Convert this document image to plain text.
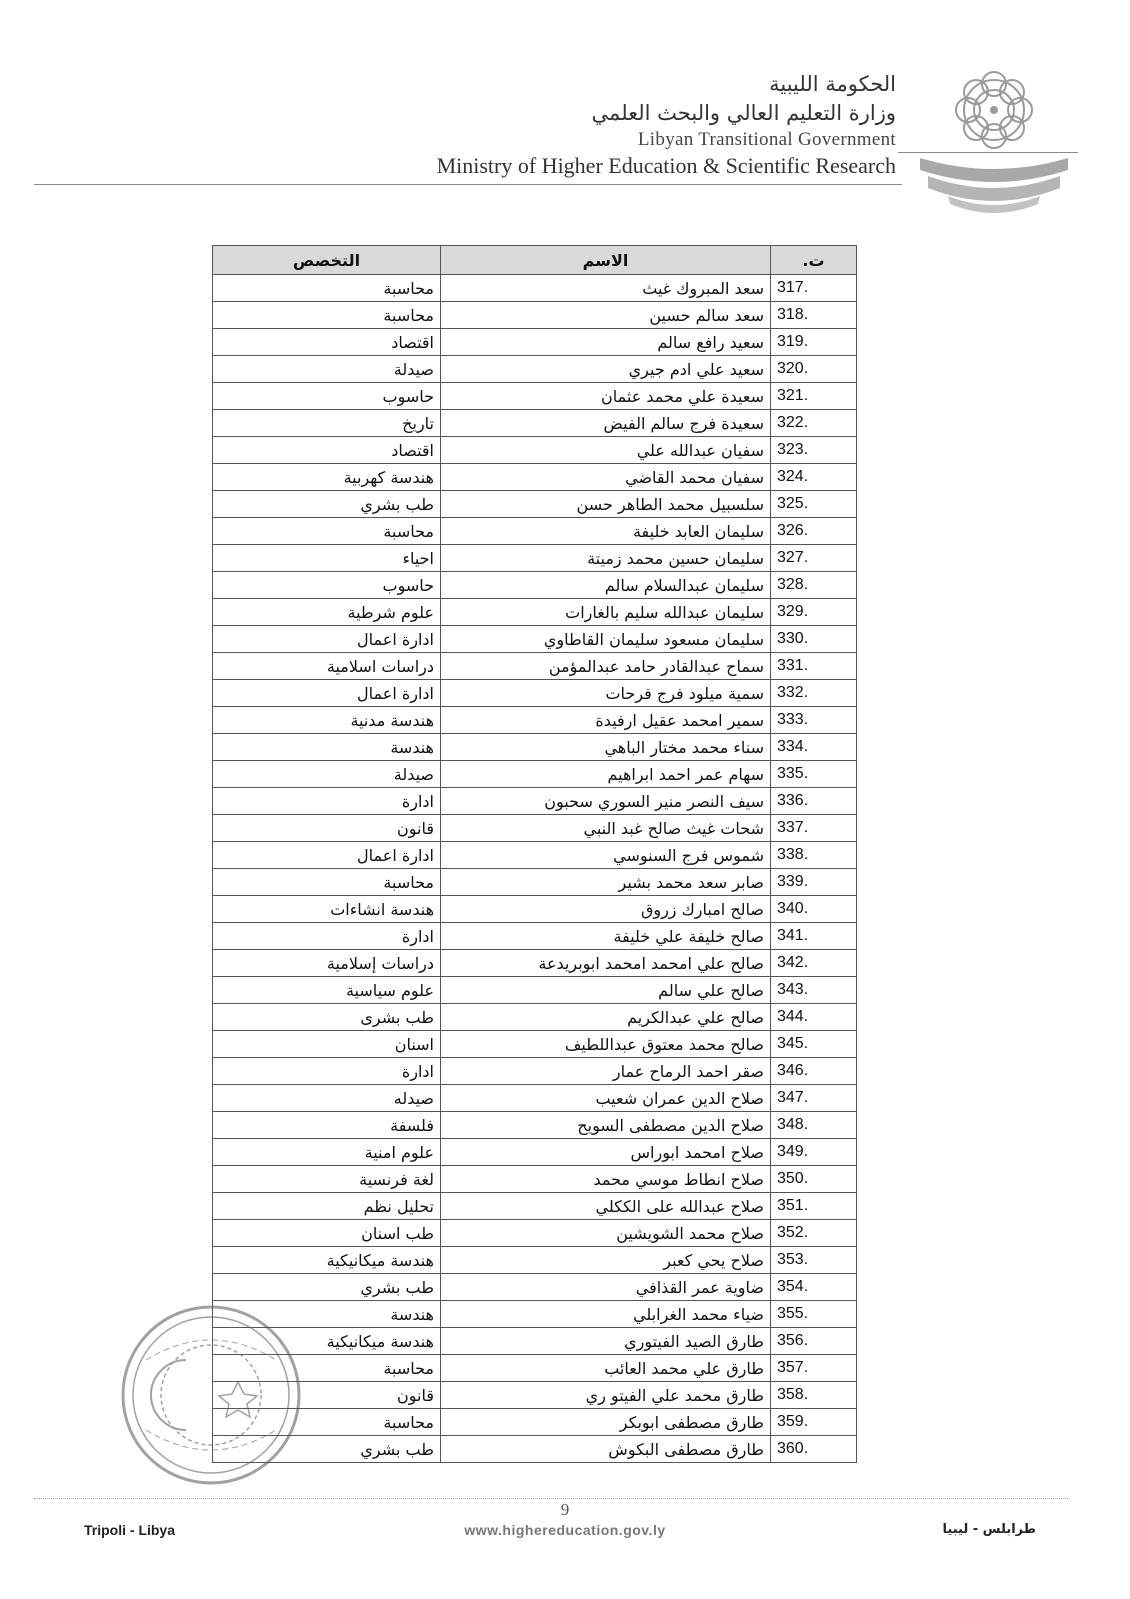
الحكومة الليبية
وزارة التعليم العالي والبحث العلمي
Libyan Transitional Government
Ministry of Higher Education & Scientific Research
ت.	الاسم	التخصص
317.	سعد المبروك غيث	محاسبة
318.	سعد سالم حسين	محاسبة
319.	سعيد رافع سالم	اقتصاد
320.	سعيد علي ادم جيري	صيدلة
321.	سعيدة علي محمد عثمان	حاسوب
322.	سعيدة فرج سالم الفيض	تاريخ
323.	سفيان عبدالله علي	اقتصاد
324.	سفيان محمد القاضي	هندسة كهربية
325.	سلسبيل محمد الطاهر حسن	طب بشري
326.	سليمان العابد خليفة	محاسبة
327.	سليمان حسين محمد زميتة	احياء
328.	سليمان عبدالسلام سالم	حاسوب
329.	سليمان عبدالله سليم بالغارات	علوم شرطية
330.	سليمان مسعود سليمان القاطاوي	ادارة اعمال
331.	سماح عبدالقادر حامد عبدالمؤمن	دراسات اسلامية
332.	سمية ميلود فرج فرحات	ادارة اعمال
333.	سمير امحمد عقيل ارفيدة	هندسة مدنية
334.	سناء محمد مختار الباهي	هندسة
335.	سهام عمر احمد ابراهيم	صيدلة
336.	سيف النصر منير السوري سحبون	ادارة
337.	شحات غيث صالح غبد النبي	قانون
338.	شموس فرج السنوسي	ادارة اعمال
339.	صابر سعد محمد بشير	محاسبة
340.	صالح امبارك زروق	هندسة انشاءات
341.	صالح خليفة علي خليفة	ادارة
342.	صالح علي امحمد امحمد ابوبريدعة	دراسات إسلامية
343.	صالح علي سالم	علوم سياسية
344.	صالح علي عبدالكريم	طب بشرى
345.	صالح محمد معتوق عبداللطيف	اسنان
346.	صقر احمد الرماح عمار	ادارة
347.	صلاح الدين عمران شعيب	صيدله
348.	صلاح الدين مصطفى السويح	فلسفة
349.	صلاح امحمد ابوراس	علوم امنية
350.	صلاح انطاط موسي محمد	لغة فرنسية
351.	صلاح عبدالله على الككلي	تحليل نظم
352.	صلاح محمد الشويشين	طب اسنان
353.	صلاح يحي كعبر	هندسة ميكانيكية
354.	ضاوية عمر القذافي	طب بشري
355.	ضياء محمد الغرابلي	هندسة
356.	طارق الصيد الفيتوري	هندسة ميكانيكية
357.	طارق علي محمد العائب	محاسبة
358.	طارق محمد علي الفيتو ري	قانون
359.	طارق مصطفى ابوبكر	محاسبة
360.	طارق مصطفى البكوش	طب بشري
9
Tripoli - Libya	www.highereducation.gov.ly	طرابلس - ليبيا
